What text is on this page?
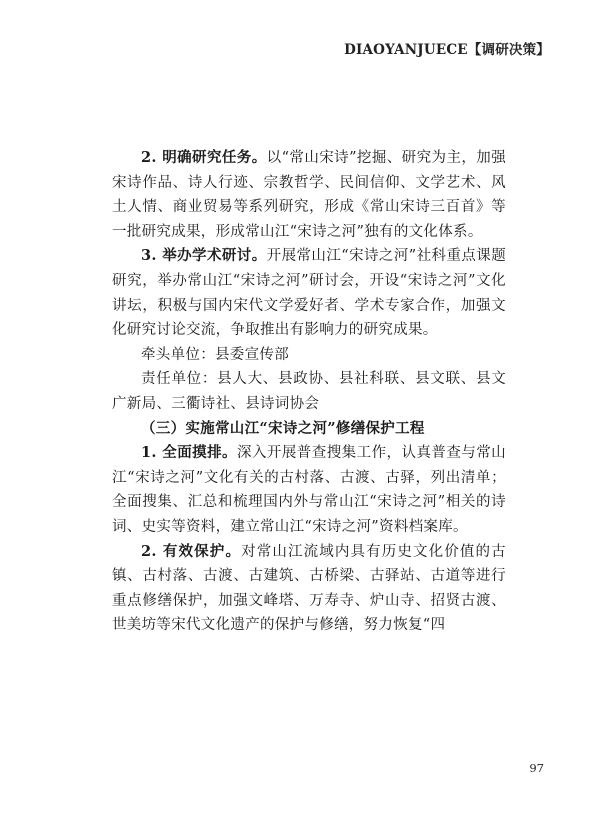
DIAOYANJUECE【调研决策】

2. 明确研究任务。以“常山宋诗”挖掘、研究为主，加强宋诗作品、诗人行迹、宗教哲学、民间信仰、文学艺术、风土人情、商业贸易等系列研究，形成《常山宋诗三百首》等一批研究成果，形成常山江“宋诗之河”独有的文化体系。

3. 举办学术研讨。开展常山江“宋诗之河”社科重点课题研究，举办常山江“宋诗之河”研讨会，开设“宋诗之河”文化讲坛，积极与国内宋代文学爱好者、学术专家合作，加强文化研究讨论交流，争取推出有影响力的研究成果。

牵头单位：县委宣传部

责任单位：县人大、县政协、县社科联、县文联、县文广新局、三衢诗社、县诗词协会

（三）实施常山江“宋诗之河”修缮保护工程

1. 全面摸排。深入开展普查搜集工作，认真普查与常山江“宋诗之河”文化有关的古村落、古渡、古驿，列出清单；全面搜集、汇总和梳理国内外与常山江“宋诗之河”相关的诗词、史实等资料，建立常山江“宋诗之河”资料档案库。

2. 有效保护。对常山江流域内具有历史文化价值的古镇、古村落、古渡、古建筑、古桥梁、古驿站、古道等进行重点修缮保护，加强文峰塔、万寿寺、炉山寺、招贤古渡、世美坊等宋代文化遗产的保护与修缮，努力恢复“四

97
